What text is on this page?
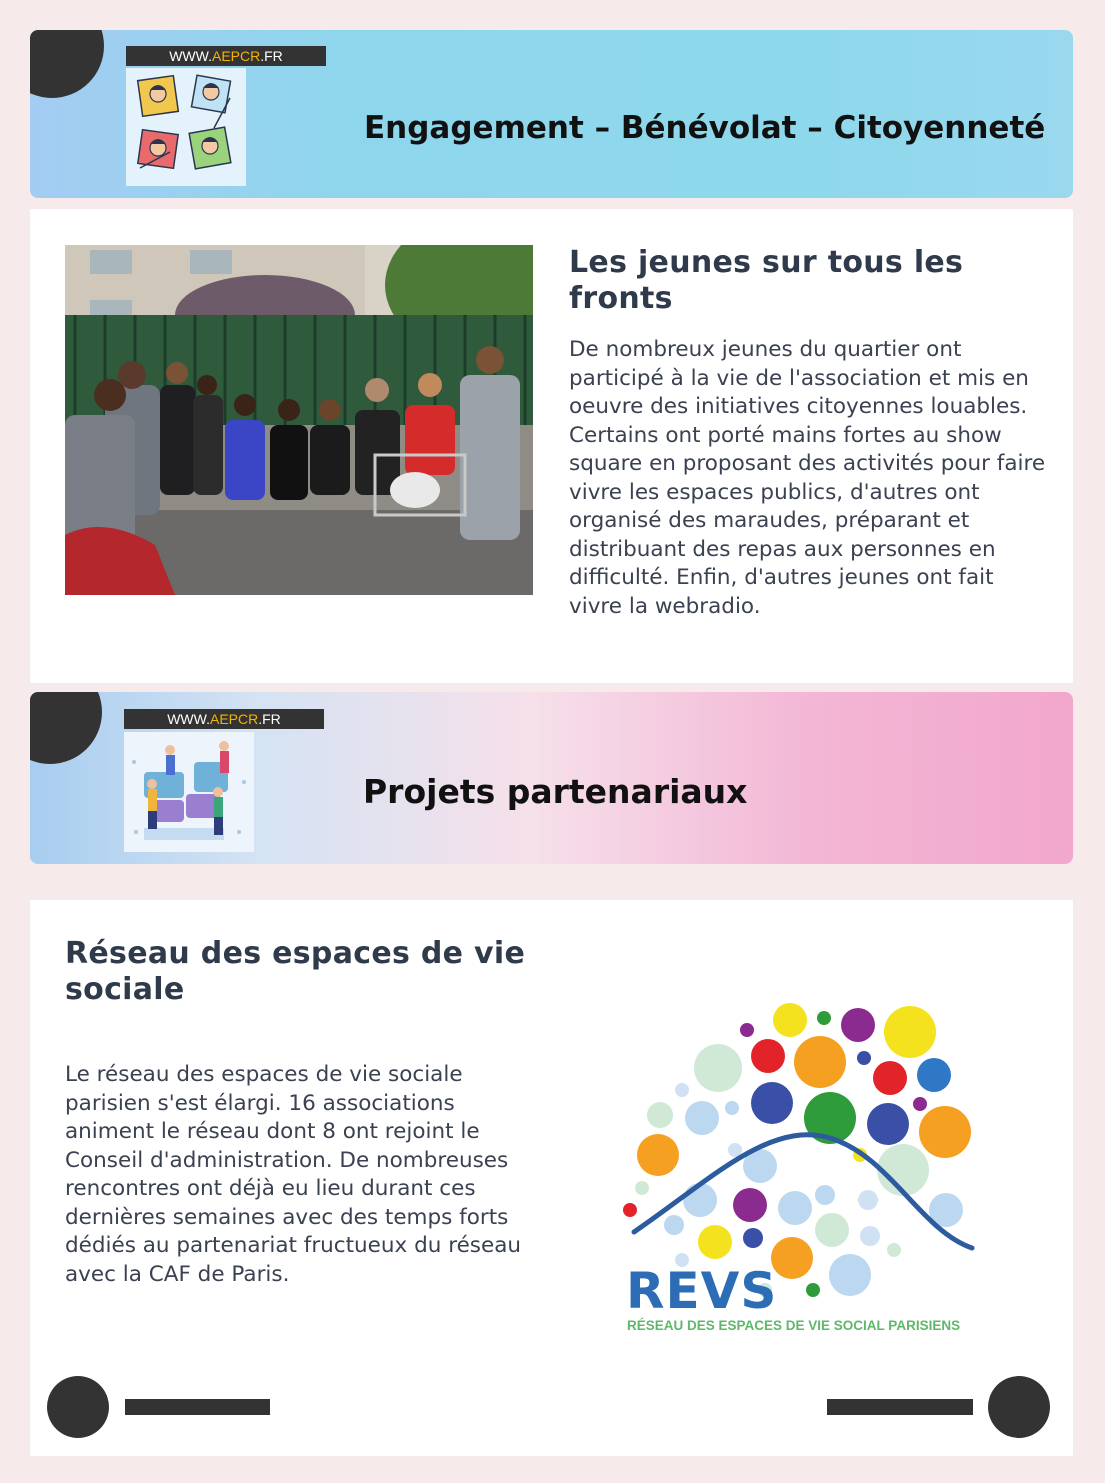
WWW.AEPCR.FR
Engagement – Bénévolat – Citoyenneté
Les jeunes sur tous les fronts
De nombreux jeunes du quartier ont participé à la vie de l'association et mis en oeuvre des initiatives citoyennes louables. Certains ont porté mains fortes au show square en proposant des activités pour faire vivre les espaces publics, d'autres ont organisé des maraudes, préparant et distribuant des repas aux personnes en difficulté. Enfin, d'autres jeunes ont fait vivre la webradio.
WWW.AEPCR.FR
Projets partenariaux
Réseau des espaces de vie sociale
Le réseau des espaces de vie sociale parisien s'est élargi. 16 associations animent le réseau dont 8 ont rejoint le Conseil d'administration. De nombreuses rencontres ont déjà eu lieu durant ces dernières semaines avec des temps forts dédiés au partenariat fructueux du réseau avec la CAF de Paris.	REVS
RÉSEAU DES ESPACES DE VIE SOCIAL PARISIENS
